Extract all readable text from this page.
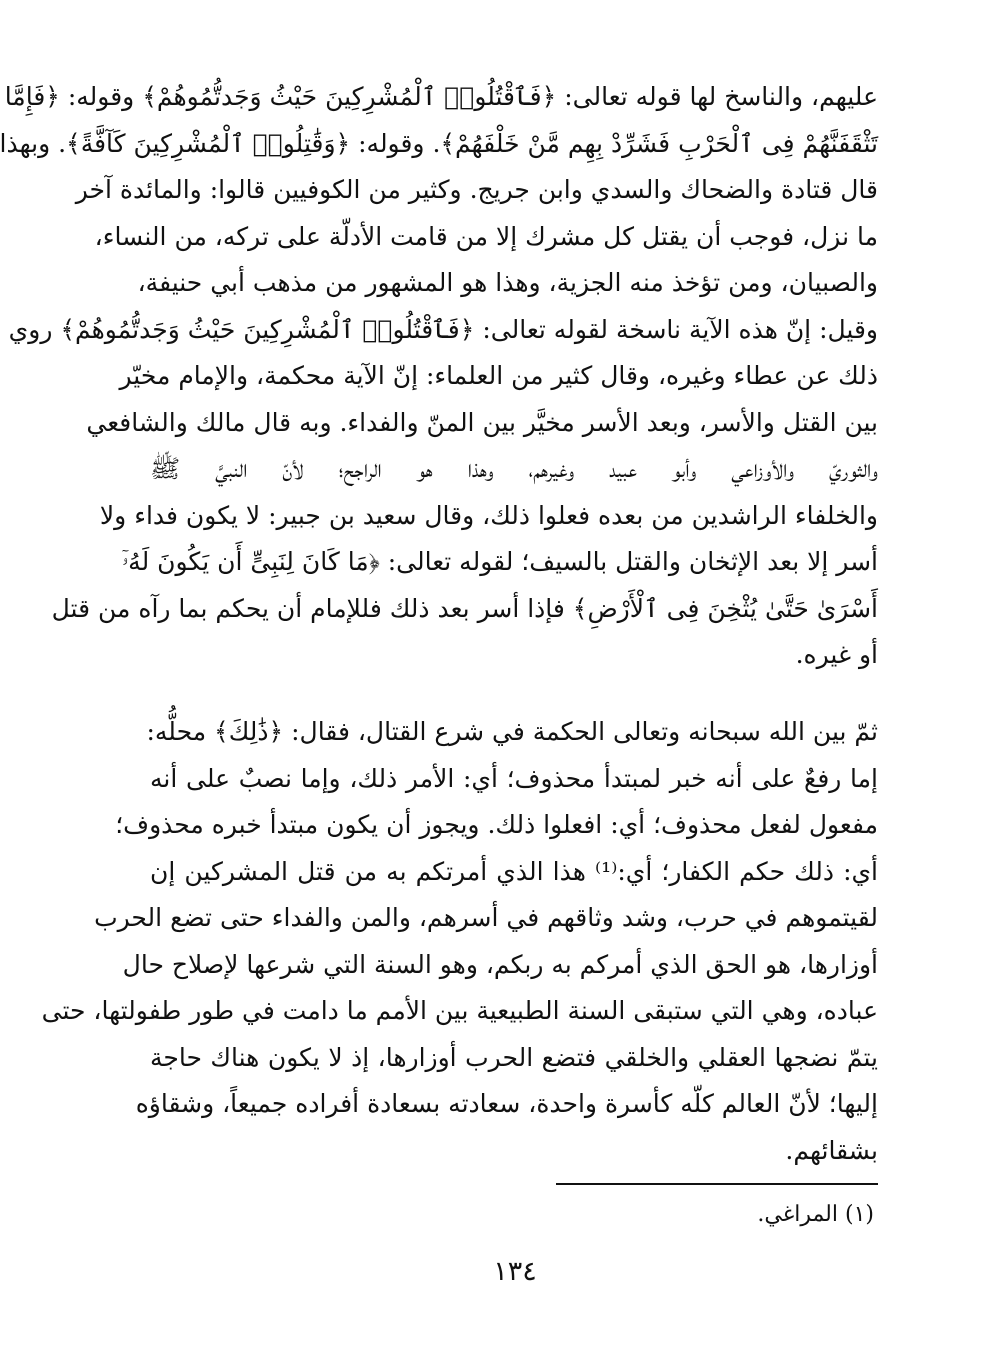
عليهم، والناسخ لها قوله تعالى: ﴿فَٱقْتُلُوا۟ ٱلْمُشْرِكِينَ حَيْثُ وَجَدتُّمُوهُمْ﴾ وقوله: ﴿فَإِمَّا
تَثْقَفَنَّهُمْ فِى ٱلْحَرْبِ فَشَرِّدْ بِهِم مَّنْ خَلْفَهُمْ﴾. وقوله: ﴿وَقَٰتِلُوا۟ ٱلْمُشْرِكِينَ كَآفَّةً﴾. وبهذا
قال قتادة والضحاك والسدي وابن جريج. وكثير من الكوفيين قالوا: والمائدة آخر
ما نزل، فوجب أن يقتل كل مشرك إلا من قامت الأدلّة على تركه، من النساء،
والصبيان، ومن تؤخذ منه الجزية، وهذا هو المشهور من مذهب أبي حنيفة،
وقيل: إنّ هذه الآية ناسخة لقوله تعالى: ﴿فَٱقْتُلُوا۟ ٱلْمُشْرِكِينَ حَيْثُ وَجَدتُّمُوهُمْ﴾ روي
ذلك عن عطاء وغيره، وقال كثير من العلماء: إنّ الآية محكمة، والإمام مخيّر
بين القتل والأسر، وبعد الأسر مخيَّر بين المنّ والفداء. وبه قال مالك والشافعي
والثوريّ والأوزاعي وأبو عبيد وغيرهم، وهذا هو الراجح؛ لأنّ النبيَّ ﷺ
والخلفاء الراشدين من بعده فعلوا ذلك، وقال سعيد بن جبير: لا يكون فداء ولا
أسر إلا بعد الإثخان والقتل بالسيف؛ لقوله تعالى: ﴿مَا كَانَ لِنَبِىٍّ أَن يَكُونَ لَهُۥٓ
أَسْرَىٰ حَتَّىٰ يُثْخِنَ فِى ٱلْأَرْضِ﴾ فإذا أسر بعد ذلك فللإمام أن يحكم بما رآه من قتل
أو غيره.
ثمّ بين الله سبحانه وتعالى الحكمة في شرع القتال، فقال: ﴿ذَٰلِكَ﴾ محلُّه:
إما رفعٌ على أنه خبر لمبتدأ محذوف؛ أي: الأمر ذلك، وإما نصبٌ على أنه
مفعول لفعل محذوف؛ أي: افعلوا ذلك. ويجوز أن يكون مبتدأ خبره محذوف؛
أي: ذلك حكم الكفار؛ أي:⁽¹⁾ هذا الذي أمرتكم به من قتل المشركين إن
لقيتموهم في حرب، وشد وثاقهم في أسرهم، والمن والفداء حتى تضع الحرب
أوزارها، هو الحق الذي أمركم به ربكم، وهو السنة التي شرعها لإصلاح حال
عباده، وهي التي ستبقى السنة الطبيعية بين الأمم ما دامت في طور طفولتها، حتى
يتمّ نضجها العقلي والخلقي فتضع الحرب أوزارها، إذ لا يكون هناك حاجة
إليها؛ لأنّ العالم كلّه كأسرة واحدة، سعادته بسعادة أفراده جميعاً، وشقاؤه
بشقائهم.
(١) المراغي.
١٣٤
